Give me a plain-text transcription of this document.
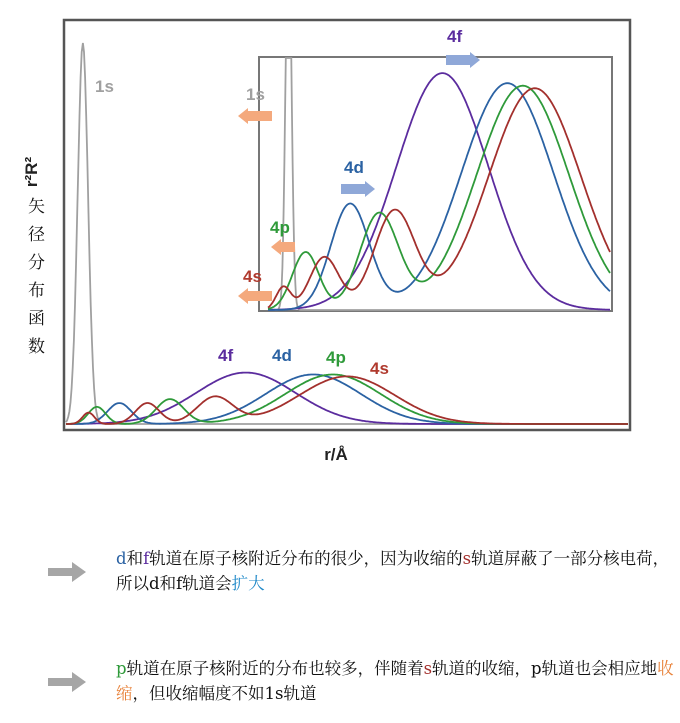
1s
4f 4d 4p
4s
4f
4d
1s
4p
4s
r/Å
r²R²
矢径分布函数
d和f轨道在原子核附近分布的很少，因为收缩的s轨道屏蔽了一部分核电荷，所以d和f轨道会扩大
p轨道在原子核附近的分布也较多，伴随着s轨道的收缩，p轨道也会相应地收缩，但收缩幅度不如1s轨道
